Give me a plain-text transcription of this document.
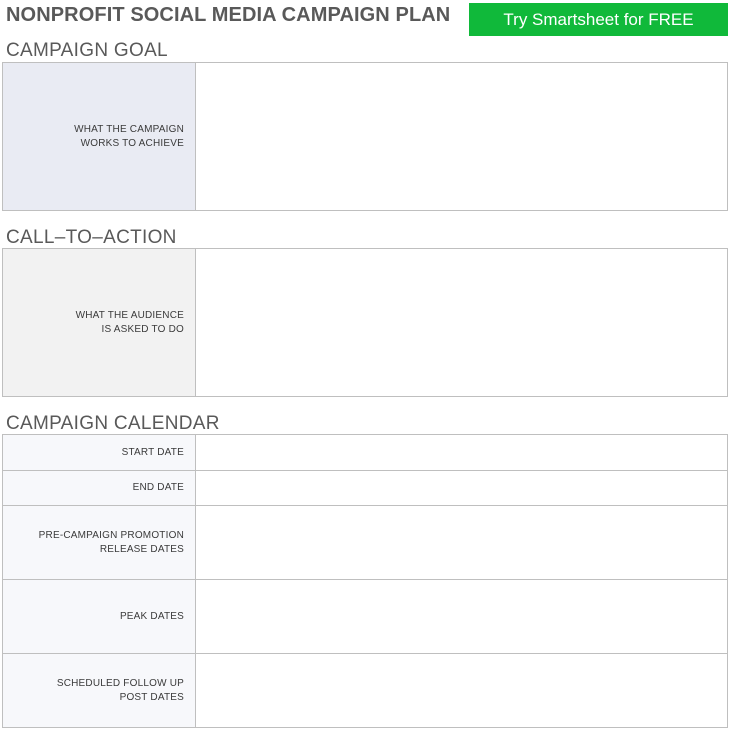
NONPROFIT SOCIAL MEDIA CAMPAIGN PLAN	Try Smartsheet for FREE
CAMPAIGN GOAL
WHAT THE CAMPAIGN
WORKS TO ACHIEVE
CALL–TO–ACTION
WHAT THE AUDIENCE
IS ASKED TO DO
CAMPAIGN CALENDAR
START DATE
END DATE
PRE-CAMPAIGN PROMOTION
RELEASE DATES
PEAK DATES
SCHEDULED FOLLOW UP
POST DATES
